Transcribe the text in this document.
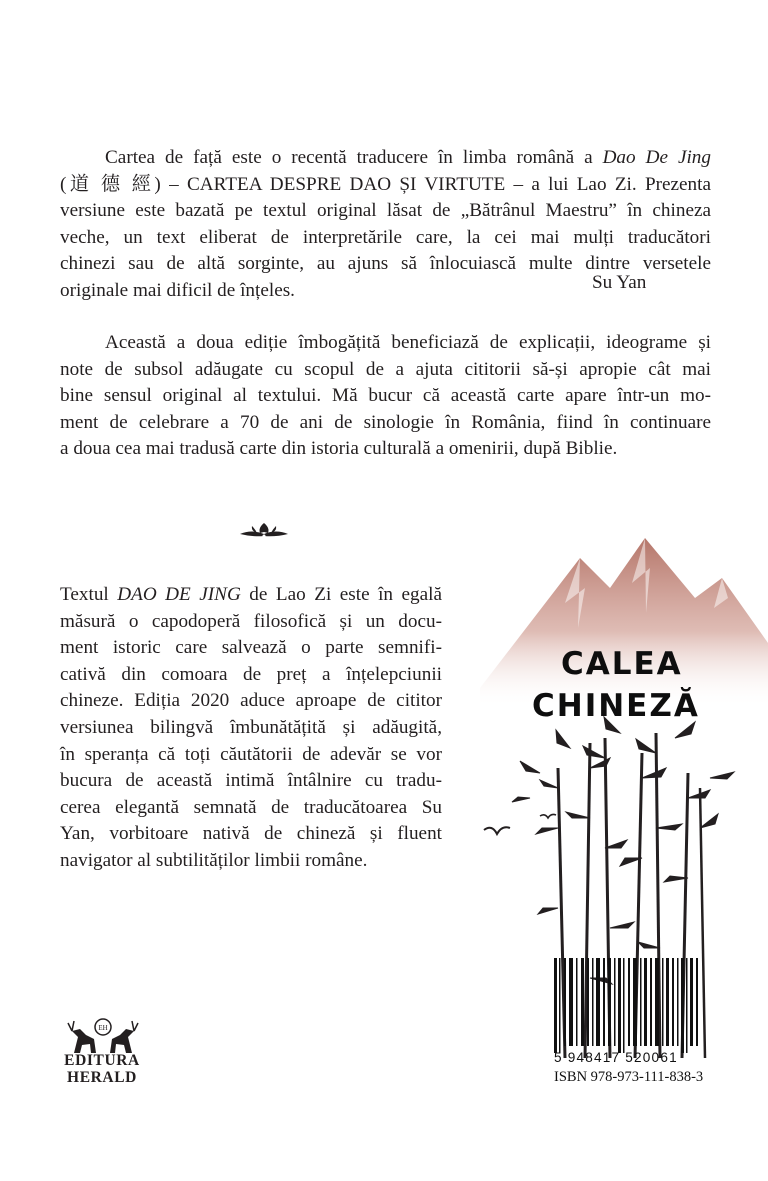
Cartea de față este o recentă traducere în limba română a Dao De Jing
(道 德 經) – CARTEA DESPRE DAO ȘI VIRTUTE – a lui Lao Zi. Prezenta
versiune este bazată pe textul original lăsat de „Bătrânul Maestru” în chineza
veche, un text eliberat de interpretările care, la cei mai mulți traducători
chinezi sau de altă sorginte, au ajuns să înlocuiască multe dintre versetele
originale mai dificil de înțeles.

Această a doua ediție îmbogățită beneficiază de explicații, ideograme și
note de subsol adăugate cu scopul de a ajuta cititorii să-și apropie cât mai
bine sensul original al textului. Mă bucur că această carte apare într-un mo-
ment de celebrare a 70 de ani de sinologie în România, fiind în continuare
a doua cea mai tradusă carte din istoria culturală a omenirii, după Biblie.

Su Yan

Textul DAO DE JING de Lao Zi este în egală
măsură o capodoperă filosofică și un docu-
ment istoric care salvează o parte semnifi-
cativă din comoara de preț a înțelepciunii
chineze. Ediția 2020 aduce aproape de cititor
versiunea bilingvă îmbunătățită și adăugită,
în speranța că toți căutătorii de adevăr se vor
bucura de această intimă întâlnire cu tradu-
cerea elegantă semnată de traducătoarea Su
Yan, vorbitoare nativă de chineză și fluent
navigator al subtilităților limbii române.

CALEA
CHINEZĂ
5 948417 520061
ISBN 978-973-111-838-3
EH
EDITURA
HERALD
